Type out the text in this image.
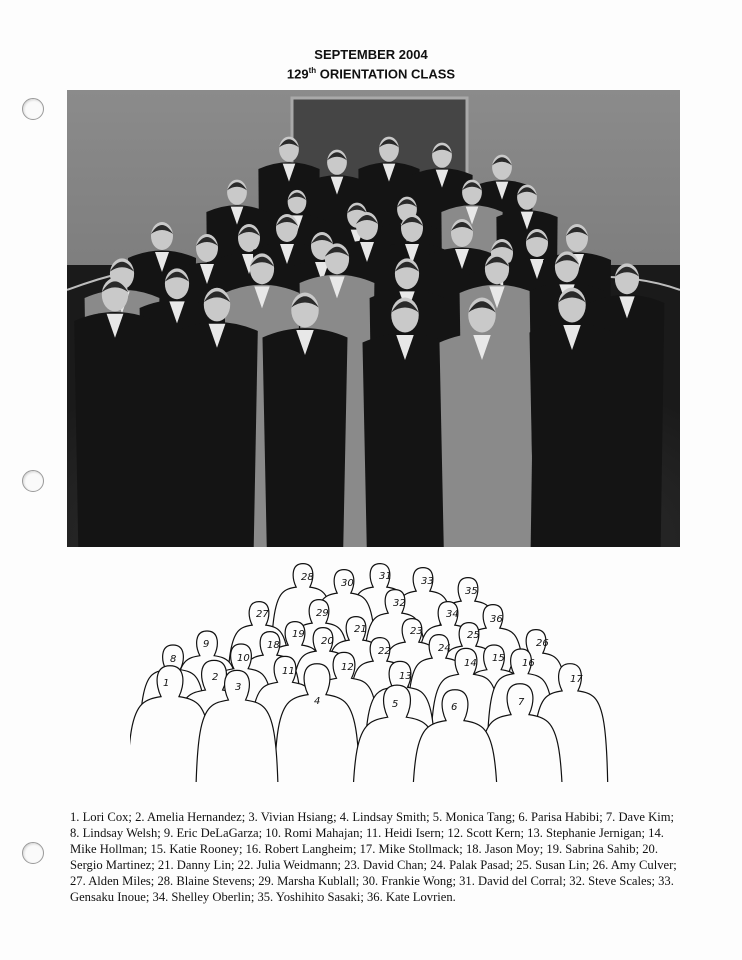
SEPTEMBER 2004
129th ORIENTATION CLASS
1
2
3
4	5	6	7
8
9
10
11	12
13
14 15 16
17
18
19
20
21
22
23
24
25
26
27
28
29
30
31
32
33
34
35
36
1. Lori Cox; 2. Amelia Hernandez; 3. Vivian Hsiang; 4. Lindsay Smith; 5. Monica Tang; 6. Parisa Habibi; 7. Dave Kim; 8. Lindsay Welsh; 9. Eric DeLaGarza; 10. Romi Mahajan; 11. Heidi Isern; 12. Scott Kern; 13. Stephanie Jernigan; 14. Mike Hollman; 15. Katie Rooney; 16. Robert Langheim; 17. Mike Stollmack; 18. Jason Moy; 19. Sabrina Sahib; 20. Sergio Martinez; 21. Danny Lin; 22. Julia Weidmann; 23. David Chan; 24. Palak Pasad; 25. Susan Lin; 26. Amy Culver; 27. Alden Miles; 28. Blaine Stevens; 29. Marsha Kublall; 30. Frankie Wong; 31. David del Corral; 32. Steve Scales; 33. Gensaku Inoue; 34. Shelley Oberlin; 35. Yoshihito Sasaki; 36. Kate Lovrien.
